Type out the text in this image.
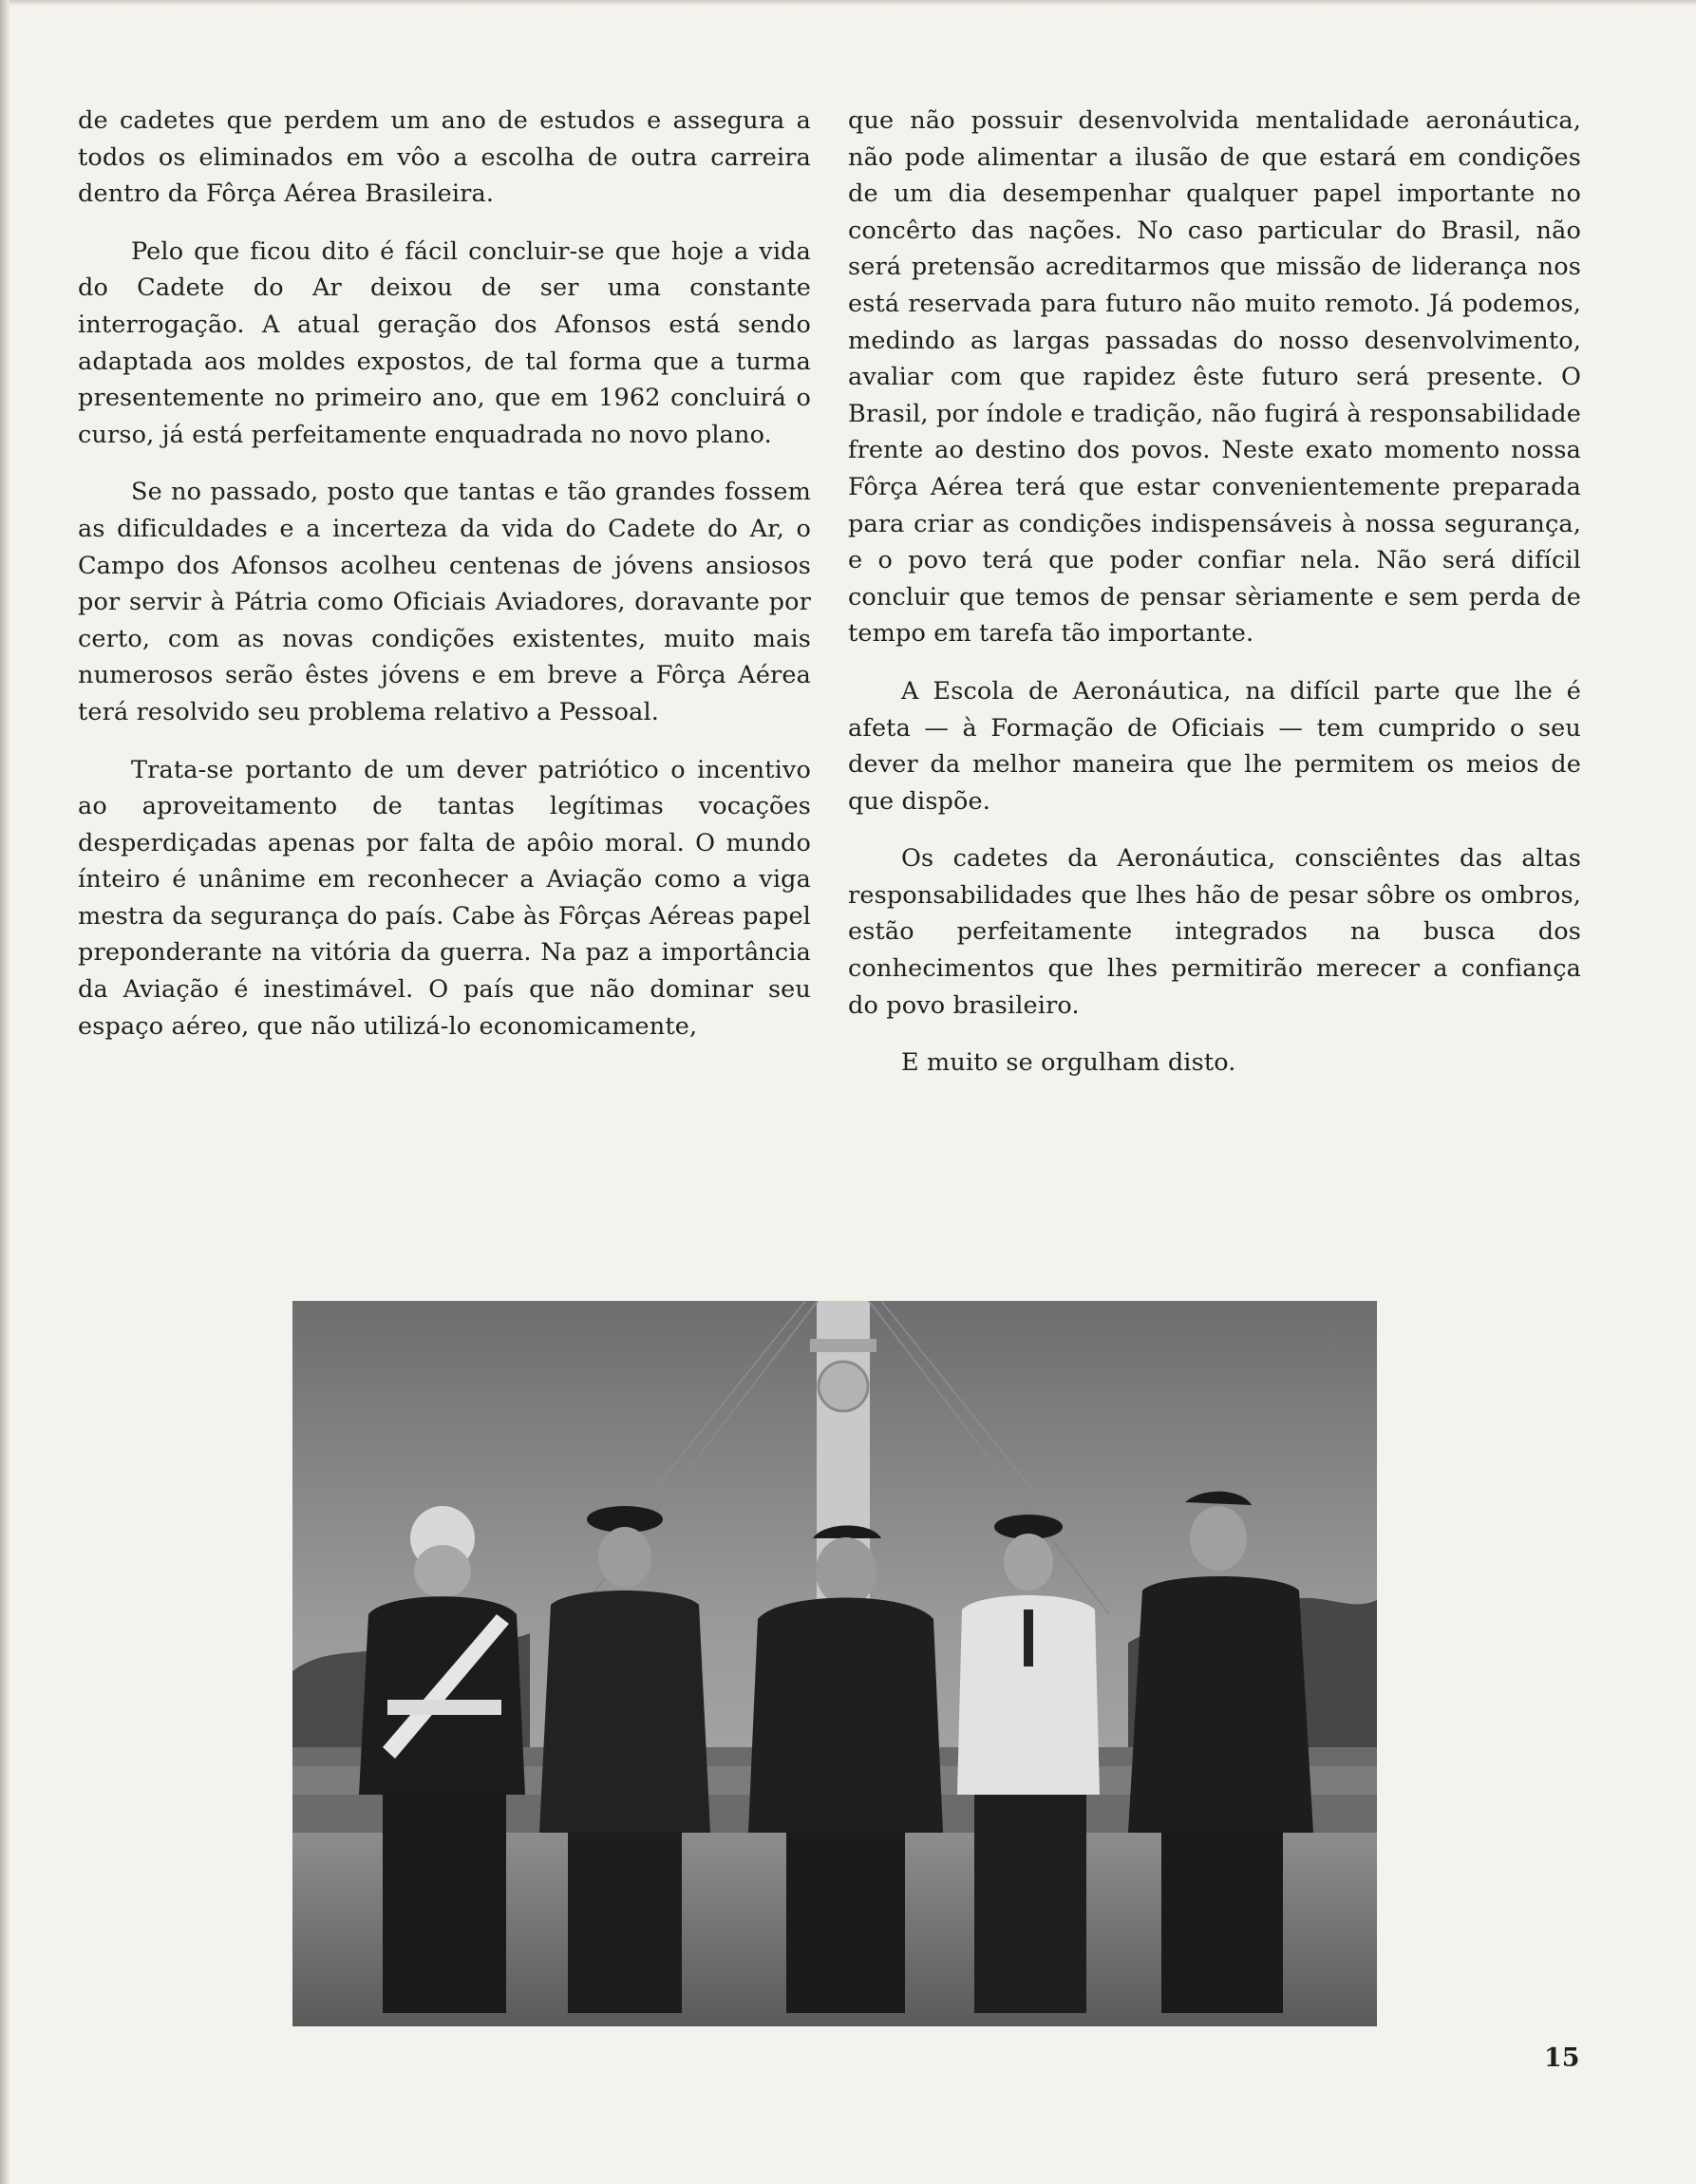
de cadetes que perdem um ano de estudos e assegura a todos os eliminados em vôo a escolha de outra carreira dentro da Fôrça Aérea Brasileira.

Pelo que ficou dito é fácil concluir-se que hoje a vida do Cadete do Ar deixou de ser uma constante interrogação. A atual geração dos Afonsos está sendo adaptada aos moldes expostos, de tal forma que a turma presentemente no primeiro ano, que em 1962 concluirá o curso, já está perfeitamente enquadrada no novo plano.

Se no passado, posto que tantas e tão grandes fossem as dificuldades e a incerteza da vida do Cadete do Ar, o Campo dos Afonsos acolheu centenas de jóvens ansiosos por servir à Pátria como Oficiais Aviadores, doravante por certo, com as novas condições existentes, muito mais numerosos serão êstes jóvens e em breve a Fôrça Aérea terá resolvido seu problema relativo a Pessoal.

Trata-se portanto de um dever patriótico o incentivo ao aproveitamento de tantas legítimas vocações desperdiçadas apenas por falta de apôio moral. O mundo ínteiro é unânime em reconhecer a Aviação como a viga mestra da segurança do país. Cabe às Fôrças Aéreas papel preponderante na vitória da guerra. Na paz a importância da Aviação é inestimável. O país que não dominar seu espaço aéreo, que não utilizá-lo economicamente,

que não possuir desenvolvida mentalidade aeronáutica, não pode alimentar a ilusão de que estará em condições de um dia desempenhar qualquer papel importante no concêrto das nações. No caso particular do Brasil, não será pretensão acreditarmos que missão de liderança nos está reservada para futuro não muito remoto. Já podemos, medindo as largas passadas do nosso desenvolvimento, avaliar com que rapidez êste futuro será presente. O Brasil, por índole e tradição, não fugirá à responsabilidade frente ao destino dos povos. Neste exato momento nossa Fôrça Aérea terá que estar convenientemente preparada para criar as condições indispensáveis à nossa segurança, e o povo terá que poder confiar nela. Não será difícil concluir que temos de pensar sèriamente e sem perda de tempo em tarefa tão importante.

A Escola de Aeronáutica, na difícil parte que lhe é afeta — à Formação de Oficiais — tem cumprido o seu dever da melhor maneira que lhe permitem os meios de que dispõe.

Os cadetes da Aeronáutica, consciêntes das altas responsabilidades que lhes hão de pesar sôbre os ombros, estão perfeitamente integrados na busca dos conhecimentos que lhes permitirão merecer a confiança do povo brasileiro.

E muito se orgulham disto.

15
